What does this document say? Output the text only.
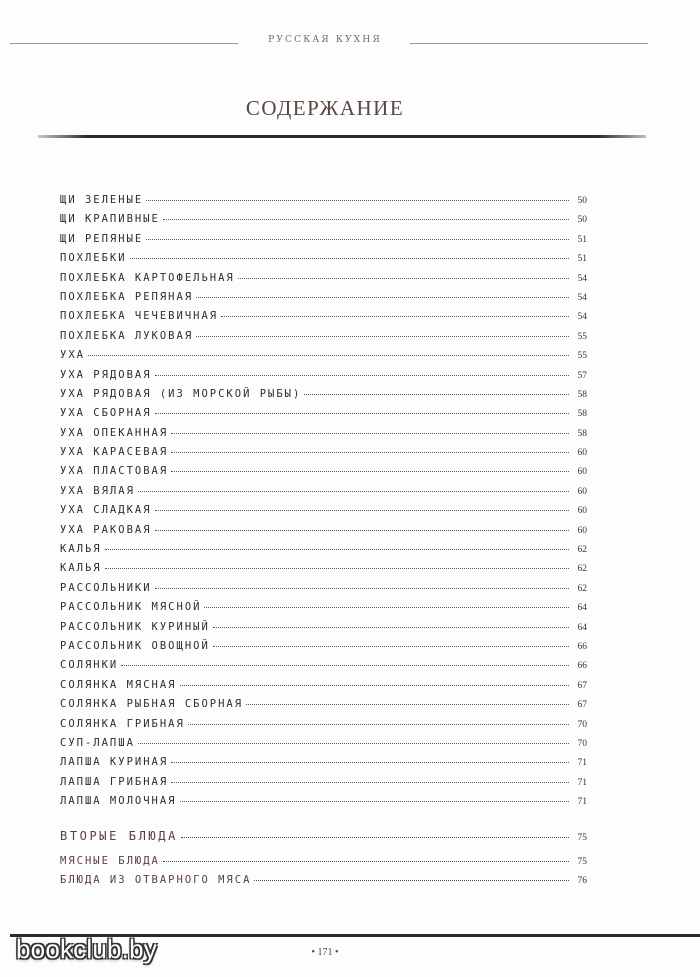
РУССКАЯ КУХНЯ
СОДЕРЖАНИЕ
ЩИ ЗЕЛЕНЫЕ	50
ЩИ КРАПИВНЫЕ	50
ЩИ РЕПЯНЫЕ	51
ПОХЛЕБКИ	51
ПОХЛЕБКА КАРТОФЕЛЬНАЯ	54
ПОХЛЕБКА РЕПЯНАЯ	54
ПОХЛЕБКА ЧЕЧЕВИЧНАЯ	54
ПОХЛЕБКА ЛУКОВАЯ	55
УХА	55
УХА РЯДОВАЯ	57
УХА РЯДОВАЯ (ИЗ МОРСКОЙ РЫБЫ)	58
УХА СБОРНАЯ	58
УХА ОПЕКАННАЯ	58
УХА КАРАСЕВАЯ	60
УХА ПЛАСТОВАЯ	60
УХА ВЯЛАЯ	60
УХА СЛАДКАЯ	60
УХА РАКОВАЯ	60
КАЛЬЯ	62
КАЛЬЯ	62
РАССОЛЬНИКИ	62
РАССОЛЬНИК МЯСНОЙ	64
РАССОЛЬНИК КУРИНЫЙ	64
РАССОЛЬНИК ОВОЩНОЙ	66
СОЛЯНКИ	66
СОЛЯНКА МЯСНАЯ	67
СОЛЯНКА РЫБНАЯ СБОРНАЯ	67
СОЛЯНКА ГРИБНАЯ	70
СУП-ЛАПША	70
ЛАПША КУРИНАЯ	71
ЛАПША ГРИБНАЯ	71
ЛАПША МОЛОЧНАЯ	71
ВТОРЫЕ БЛЮДА	75
МЯСНЫЕ БЛЮДА	75
БЛЮДА ИЗ ОТВАРНОГО МЯСА	76
• 171 •
bookclub.by
